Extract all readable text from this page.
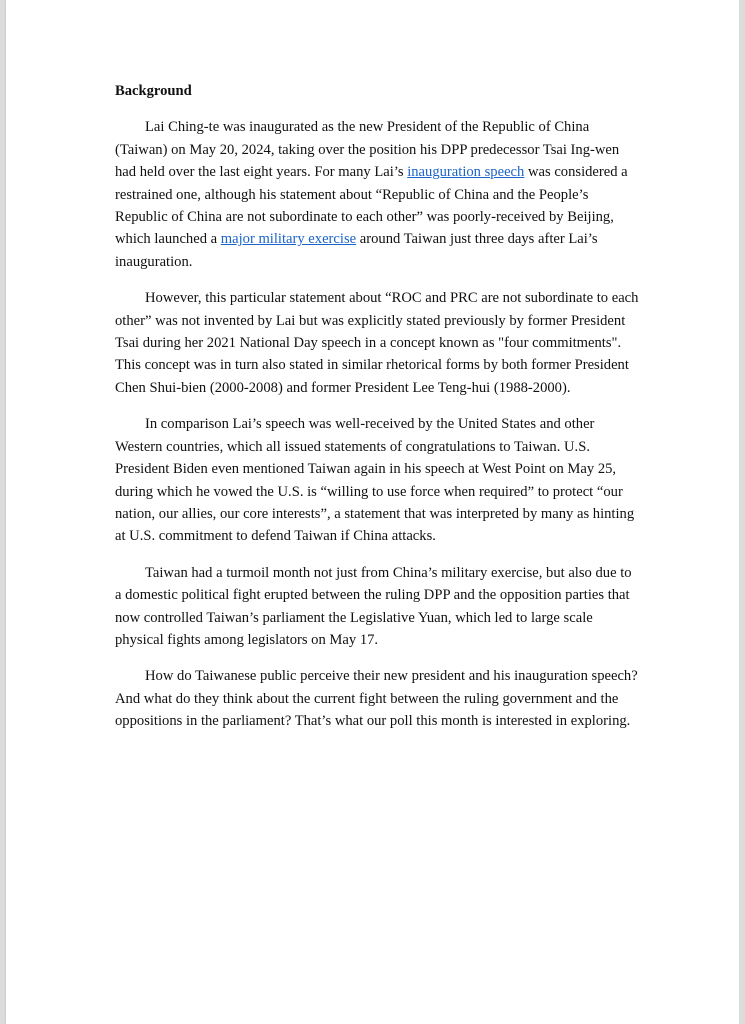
Background

Lai Ching-te was inaugurated as the new President of the Republic of China (Taiwan) on May 20, 2024, taking over the position his DPP predecessor Tsai Ing-wen had held over the last eight years. For many Lai’s inauguration speech was considered a restrained one, although his statement about “Republic of China and the People’s Republic of China are not subordinate to each other” was poorly-received by Beijing, which launched a major military exercise around Taiwan just three days after Lai’s inauguration.

However, this particular statement about “ROC and PRC are not subordinate to each other” was not invented by Lai but was explicitly stated previously by former President Tsai during her 2021 National Day speech in a concept known as "four commitments". This concept was in turn also stated in similar rhetorical forms by both former President Chen Shui-bien (2000-2008) and former President Lee Teng-hui (1988-2000).

In comparison Lai’s speech was well-received by the United States and other Western countries, which all issued statements of congratulations to Taiwan. U.S. President Biden even mentioned Taiwan again in his speech at West Point on May 25, during which he vowed the U.S. is “willing to use force when required” to protect “our nation, our allies, our core interests”, a statement that was interpreted by many as hinting at U.S. commitment to defend Taiwan if China attacks.

Taiwan had a turmoil month not just from China’s military exercise, but also due to a domestic political fight erupted between the ruling DPP and the opposition parties that now controlled Taiwan’s parliament the Legislative Yuan, which led to large scale physical fights among legislators on May 17.

How do Taiwanese public perceive their new president and his inauguration speech? And what do they think about the current fight between the ruling government and the oppositions in the parliament? That’s what our poll this month is interested in exploring.
